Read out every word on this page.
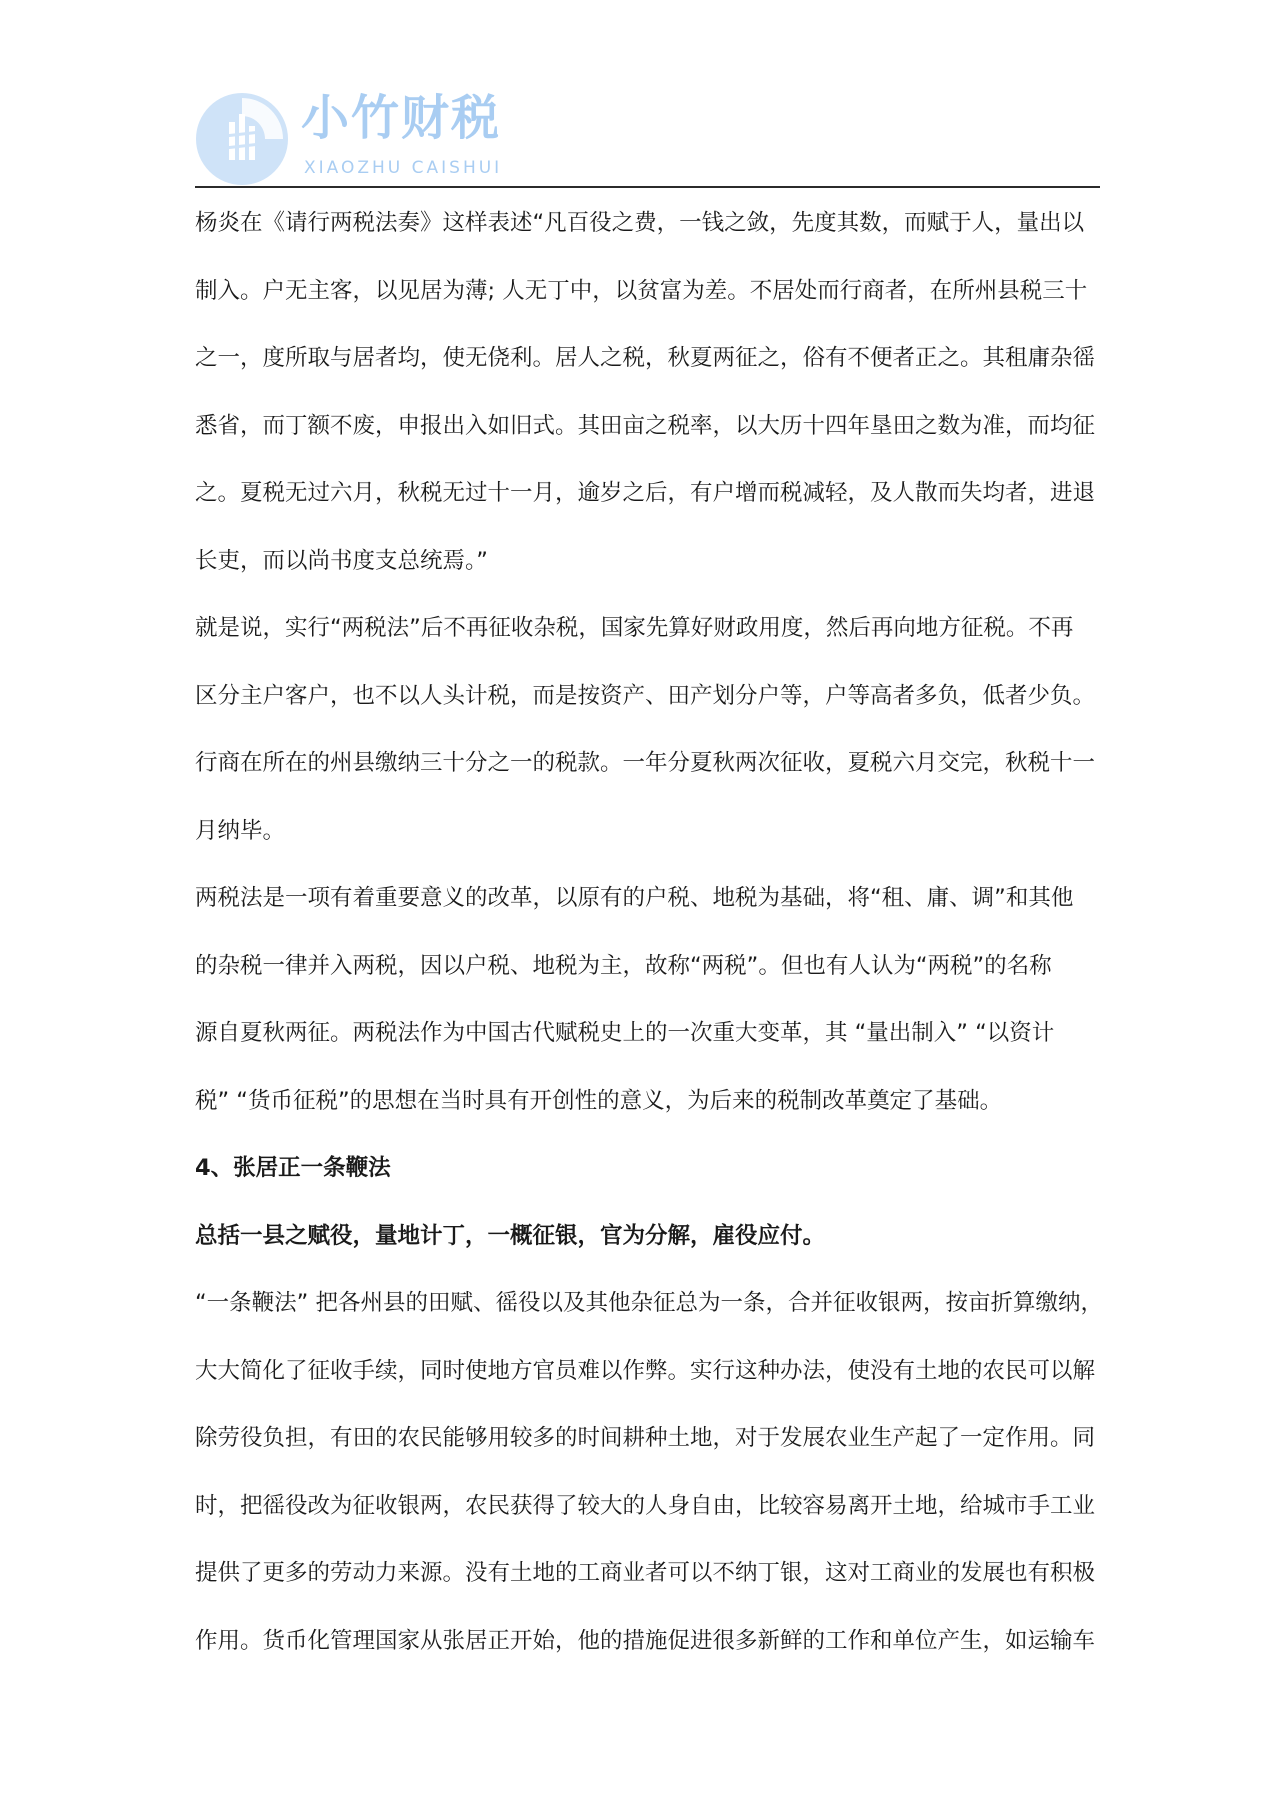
小竹财税
XIAOZHU CAISHUI
杨炎在《请行两税法奏》这样表述“凡百役之费，一钱之敛，先度其数，而赋于人，量出以
制入。户无主客，以见居为薄; 人无丁中，以贫富为差。不居处而行商者，在所州县税三十
之一，度所取与居者均，使无侥利。居人之税，秋夏两征之，俗有不便者正之。其租庸杂徭
悉省，而丁额不废，申报出入如旧式。其田亩之税率，以大历十四年垦田之数为准，而均征
之。夏税无过六月，秋税无过十一月，逾岁之后，有户增而税减轻，及人散而失均者，进退
长吏，而以尚书度支总统焉。”
就是说，实行“两税法”后不再征收杂税，国家先算好财政用度，然后再向地方征税。不再
区分主户客户，也不以人头计税，而是按资产、田产划分户等，户等高者多负，低者少负。
行商在所在的州县缴纳三十分之一的税款。一年分夏秋两次征收，夏税六月交完，秋税十一
月纳毕。
两税法是一项有着重要意义的改革，以原有的户税、地税为基础，将“租、庸、调”和其他
的杂税一律并入两税，因以户税、地税为主，故称“两税”。但也有人认为“两税”的名称
源自夏秋两征。两税法作为中国古代赋税史上的一次重大变革，其 “量出制入” “以资计
税” “货币征税”的思想在当时具有开创性的意义，为后来的税制改革奠定了基础。
4、张居正一条鞭法
总括一县之赋役，量地计丁，一概征银，官为分解，雇役应付。
“一条鞭法” 把各州县的田赋、徭役以及其他杂征总为一条，合并征收银两，按亩折算缴纳，
大大简化了征收手续，同时使地方官员难以作弊。实行这种办法，使没有土地的农民可以解
除劳役负担，有田的农民能够用较多的时间耕种土地，对于发展农业生产起了一定作用。同
时，把徭役改为征收银两，农民获得了较大的人身自由，比较容易离开土地，给城市手工业
提供了更多的劳动力来源。没有土地的工商业者可以不纳丁银，这对工商业的发展也有积极
作用。货币化管理国家从张居正开始，他的措施促进很多新鲜的工作和单位产生，如运输车
